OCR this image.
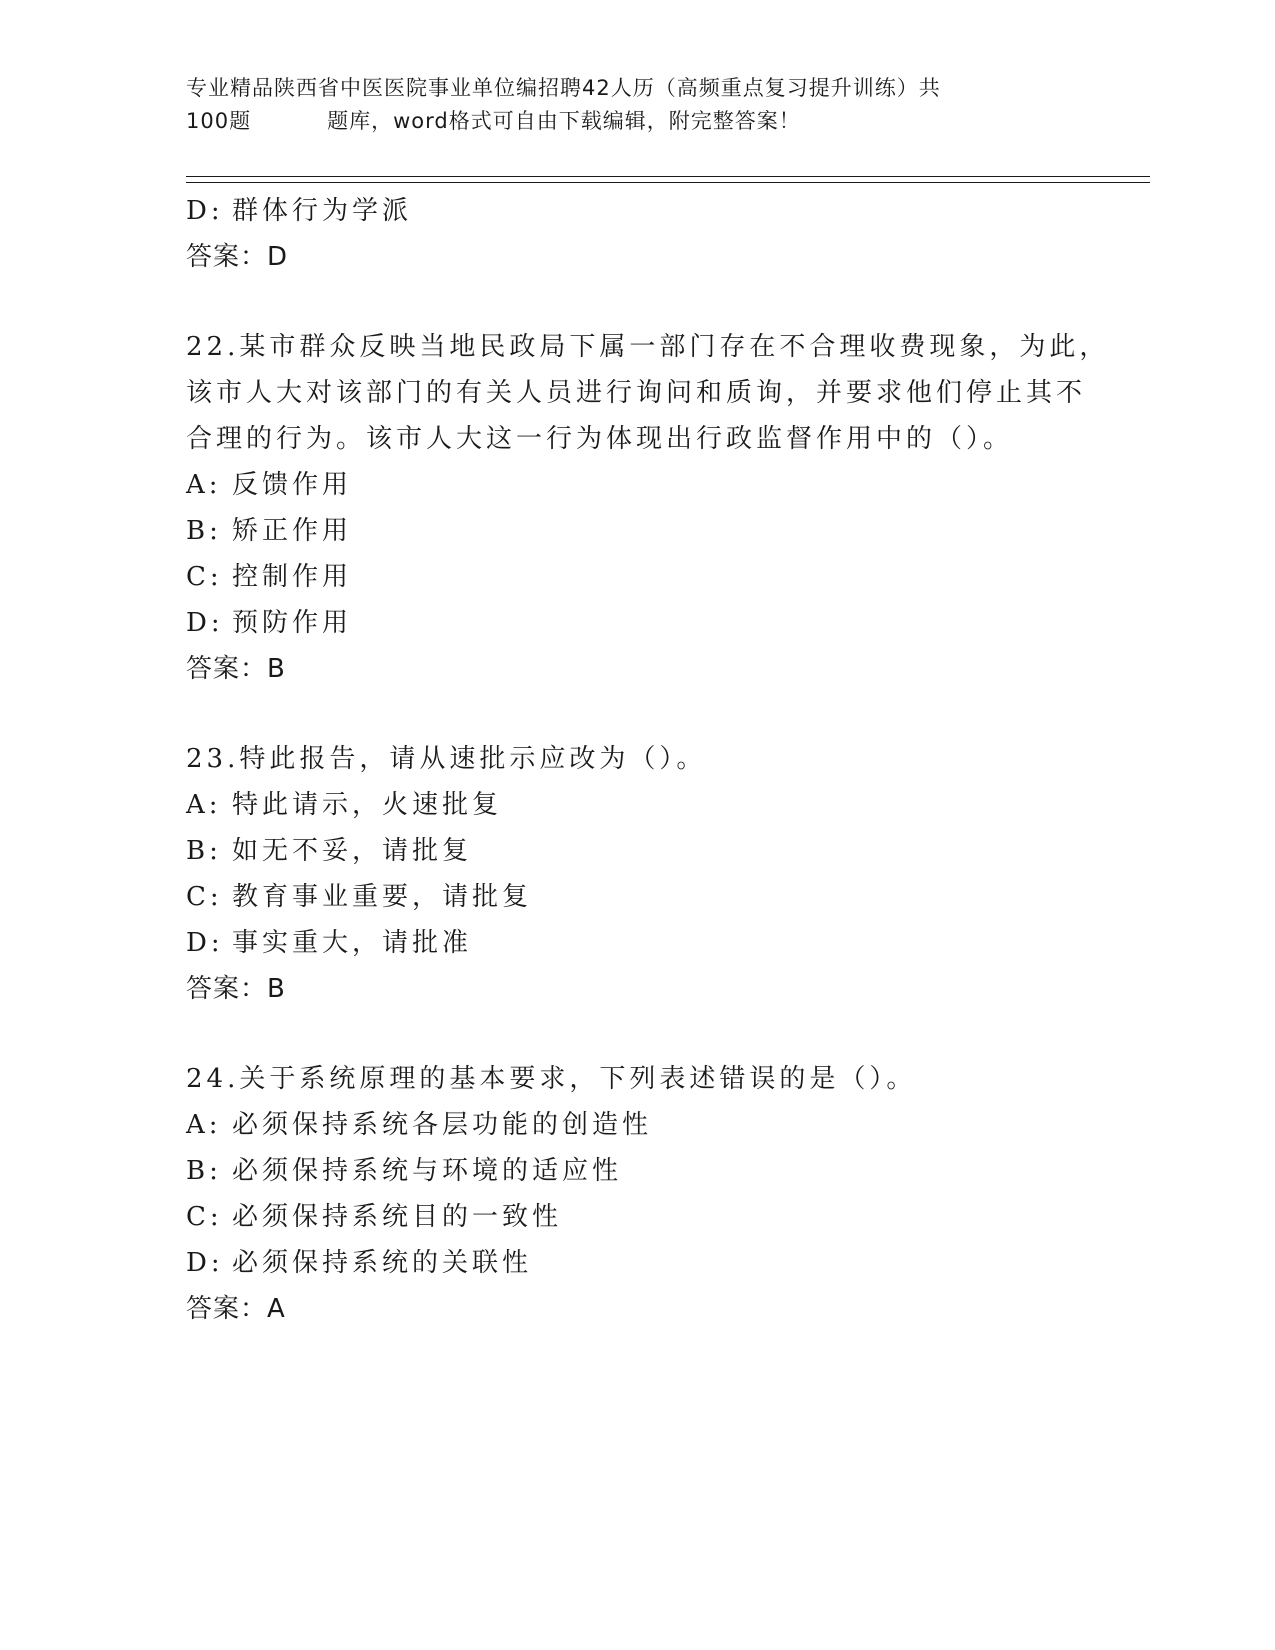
专业精品陕西省中医医院事业单位编招聘42人历（高频重点复习提升训练）共
100题	题库，word格式可自由下载编辑，附完整答案！
D: 群体行为学派
答案：D
22.某市群众反映当地民政局下属一部门存在不合理收费现象，为此，
该市人大对该部门的有关人员进行询问和质询，并要求他们停止其不
合理的行为。该市人大这一行为体现出行政监督作用中的（）。
A: 反馈作用
B: 矫正作用
C: 控制作用
D: 预防作用
答案：B
23.特此报告，请从速批示应改为（）。
A: 特此请示，火速批复
B: 如无不妥，请批复
C: 教育事业重要，请批复
D: 事实重大，请批准
答案：B
24.关于系统原理的基本要求，下列表述错误的是（）。
A: 必须保持系统各层功能的创造性
B: 必须保持系统与环境的适应性
C: 必须保持系统目的一致性
D: 必须保持系统的关联性
答案：A
